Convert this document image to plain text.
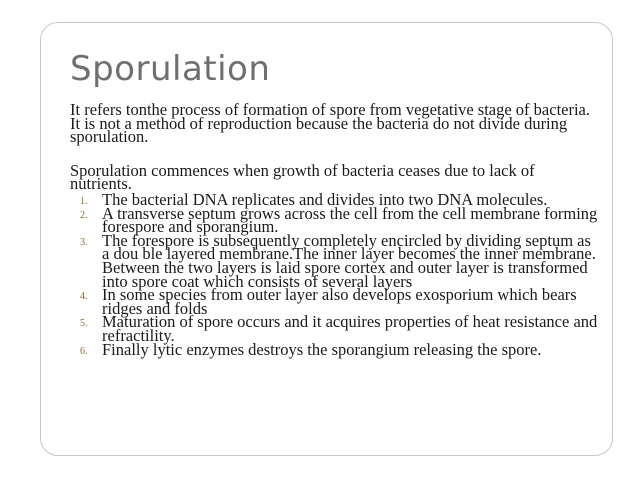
Sporulation

It refers tonthe process of formation of spore from vegetative stage of bacteria. It is not a method of reproduction because the bacteria do not divide during sporulation.

Sporulation commences when growth of bacteria ceases due to lack of nutrients.

1. The bacterial DNA replicates and divides into two DNA molecules.
2. A transverse septum grows across the cell from the cell membrane forming forespore and sporangium.
3. The forespore is subsequently completely encircled by dividing septum as a dou ble layered membrane.The inner layer becomes the inner membrane. Between the two layers is laid spore cortex and outer layer is transformed into spore coat which consists of several layers
4. In some species from outer layer also develops exosporium which bears ridges and folds
5. Maturation of spore occurs and it acquires properties of heat resistance and refractility.
6. Finally lytic enzymes destroys the sporangium releasing the spore.
